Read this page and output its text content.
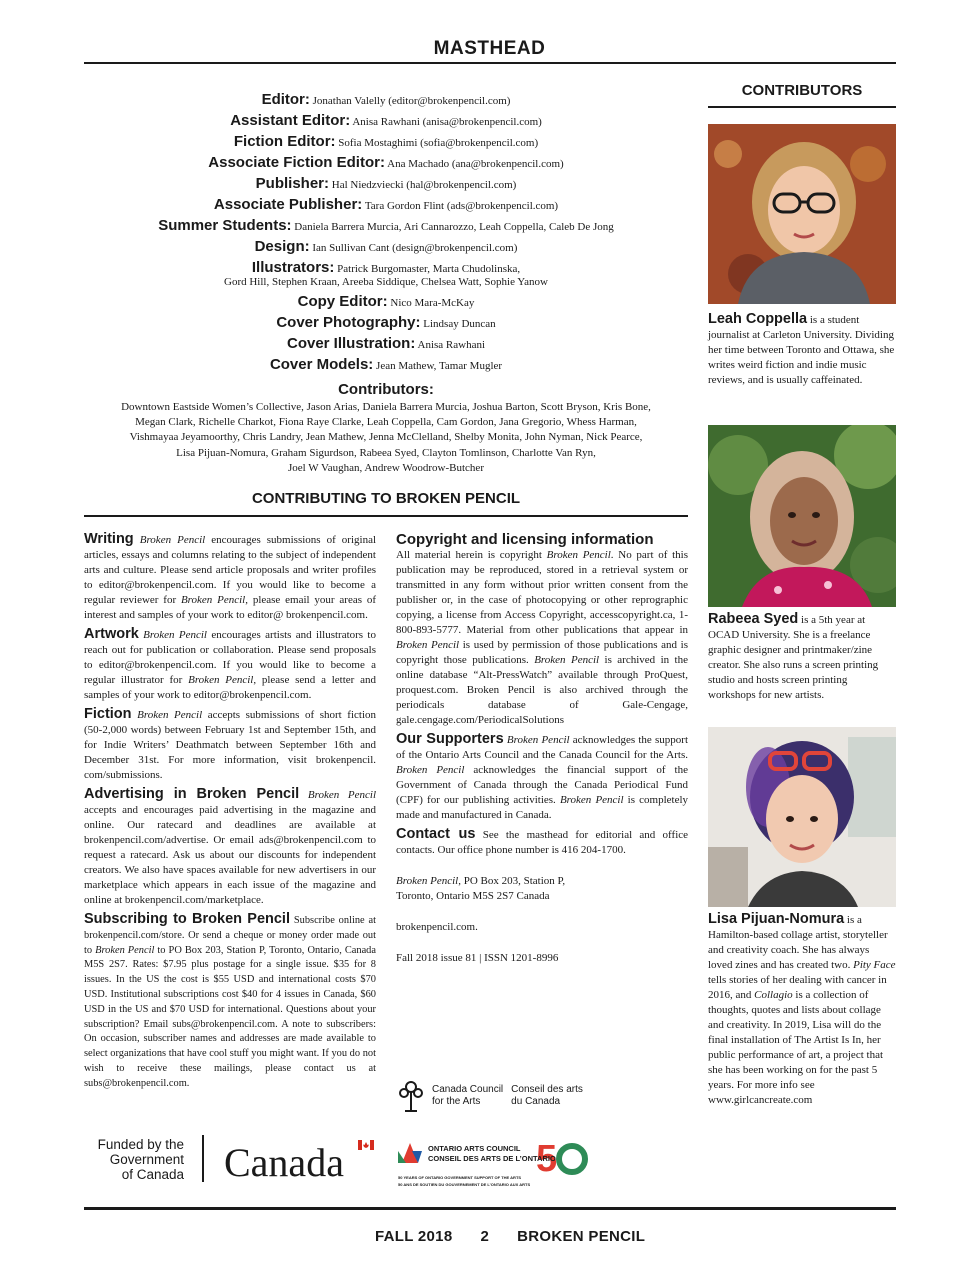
MASTHEAD
Editor: Jonathan Valelly (editor@brokenpencil.com)
Assistant Editor: Anisa Rawhani (anisa@brokenpencil.com)
Fiction Editor: Sofia Mostaghimi (sofia@brokenpencil.com)
Associate Fiction Editor: Ana Machado (ana@brokenpencil.com)
Publisher: Hal Niedzviecki (hal@brokenpencil.com)
Associate Publisher: Tara Gordon Flint (ads@brokenpencil.com)
Summer Students: Daniela Barrera Murcia, Ari Cannarozzo, Leah Coppella, Caleb De Jong
Design: Ian Sullivan Cant (design@brokenpencil.com)
Illustrators: Patrick Burgomaster, Marta Chudolinska,
Gord Hill, Stephen Kraan, Areeba Siddique, Chelsea Watt, Sophie Yanow
Copy Editor: Nico Mara-McKay
Cover Photography: Lindsay Duncan
Cover Illustration: Anisa Rawhani
Cover Models: Jean Mathew, Tamar Mugler
Contributors:

Downtown Eastside Women’s Collective, Jason Arias, Daniela Barrera Murcia, Joshua Barton, Scott Bryson, Kris Bone,

Megan Clark, Richelle Charkot, Fiona Raye Clarke, Leah Coppella, Cam Gordon, Jana Gregorio, Whess Harman,

Vishmayaa Jeyamoorthy, Chris Landry, Jean Mathew, Jenna McClelland, Shelby Monita, John Nyman, Nick Pearce,

Lisa Pijuan-Nomura, Graham Sigurdson, Rabeea Syed, Clayton Tomlinson, Charlotte Van Ryn,

Joel W Vaughan, Andrew Woodrow-Butcher

CONTRIBUTING TO BROKEN PENCIL

Writing Broken Pencil encourages submissions of original articles, essays and columns relating to the subject of independent arts and culture. Please send article proposals and writer profiles to editor@brokenpencil.com. If you would like to become a regular reviewer for Broken Pencil, please email your areas of interest and samples of your work to editor@ brokenpencil.com.

Artwork Broken Pencil encourages artists and illustrators to reach out for publication or collaboration. Please send proposals to editor@brokenpencil.com. If you would like to become a regular illustrator for Broken Pencil, please send a letter and samples of your work to editor@brokenpencil.com.

Fiction Broken Pencil accepts submissions of short fiction (50-2,000 words) between February 1st and September 15th, and for Indie Writers’ Deathmatch between September 16th and December 31st. For more information, visit brokenpencil. com/submissions.

Advertising in Broken Pencil Broken Pencil accepts and encourages paid advertising in the magazine and online. Our ratecard and deadlines are available at brokenpencil.com/advertise. Or email ads@brokenpencil.com to request a ratecard. Ask us about our discounts for independent creators. We also have spaces available for new advertisers in our marketplace which appears in each issue of the magazine and online at brokenpencil.com/marketplace.

Subscribing to Broken Pencil Subscribe online at brokenpencil.com/store. Or send a cheque or money order made out to Broken Pencil to PO Box 203, Station P, Toronto, Ontario, Canada M5S 2S7. Rates: $7.95 plus postage for a single issue. $35 for 8 issues. In the US the cost is $55 USD and international costs $70 USD. Institutional subscriptions cost $40 for 4 issues in Canada, $60 USD in the US and $70 USD for international. Questions about your subscription? Email subs@brokenpencil.com. A note to subscribers: On occasion, subscriber names and addresses are made available to select organizations that have cool stuff you might want. If you do not wish to receive these mailings, please contact us at subs@brokenpencil.com.

Copyright and licensing information
All material herein is copyright Broken Pencil. No part of this publication may be reproduced, stored in a retrieval system or transmitted in any form without prior written consent from the publisher or, in the case of photocopying or other reprographic copying, a license from Access Copyright, accesscopyright.ca, 1-800-893-5777. Material from other publications that appear in Broken Pencil is used by permission of those publications and is copyright those publications. Broken Pencil is archived in the online database “Alt-PressWatch” available through ProQuest, proquest.com. Broken Pencil is also archived through the periodicals database of Gale-Cengage, gale.cengage.com/PeriodicalSolutions

Our Supporters Broken Pencil acknowledges the support of the Ontario Arts Council and the Canada Council for the Arts. Broken Pencil acknowledges the financial support of the Government of Canada through the Canada Periodical Fund (CPF) for our publishing activities. Broken Pencil is completely made and manufactured in Canada.

Contact us See the masthead for editorial and office contacts. Our office phone number is 416 204-1700.

Broken Pencil, PO Box 203, Station P,
Toronto, Ontario M5S 2S7 Canada

brokenpencil.com.

Fall 2018 issue 81 | ISSN 1201-8996

CONTRIBUTORS
Leah Coppella is a student journalist at Carleton University. Dividing her time between Toronto and Ottawa, she writes weird fiction and indie music reviews, and is usually caffeinated.
Rabeea Syed is a 5th year at OCAD University. She is a freelance graphic designer and printmaker/zine creator. She also runs a screen printing studio and hosts screen printing workshops for new artists.
Lisa Pijuan-Nomura is a Hamilton-based collage artist, storyteller and creativity coach. She has always loved zines and has created two. Pity Face tells stories of her dealing with cancer in 2016, and Collagio is a collection of thoughts, quotes and lists about collage and creativity. In 2019, Lisa will do the final installation of The Artist Is In, her public performance of art, a project that she has been working on for the past 5 years. For more info see www.girlcancreate.com
Canada Council
for the Arts
Conseil des arts
du Canada
Funded by the
Government
of Canada Canada	5
ONTARIO ARTS COUNCIL
CONSEIL DES ARTS DE L’ONTARIO
50 YEARS OF ONTARIO GOVERNMENT SUPPORT OF THE ARTS
50 ANS DE SOUTIEN DU GOUVERNEMENT DE L’ONTARIO AUX ARTS
FALL 2018 2 BROKEN PENCIL
